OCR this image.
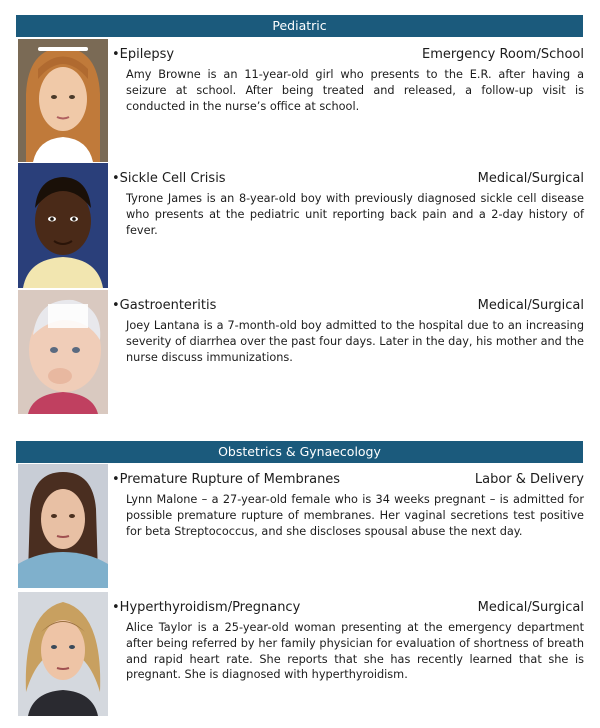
Pediatric
•Epilepsy	Emergency Room/School
Amy Browne is an 11-year-old girl who presents to the E.R. after having a seizure at school. After being treated and released, a follow-up visit is conducted in the nurse’s office at school.
•Sickle Cell Crisis	Medical/Surgical
Tyrone James is an 8-year-old boy with previously diagnosed sickle cell disease who presents at the pediatric unit reporting back pain and a 2-day history of fever.
•Gastroenteritis	Medical/Surgical
Joey Lantana is a 7-month-old boy admitted to the hospital due to an increasing severity of diarrhea over the past four days. Later in the day, his mother and the nurse discuss immunizations.
Obstetrics & Gynaecology
•Premature Rupture of Membranes	Labor & Delivery
Lynn Malone – a 27-year-old female who is 34 weeks pregnant – is admitted for possible premature rupture of membranes. Her vaginal secretions test positive for beta Streptococcus, and she discloses spousal abuse the next day.
•Hyperthyroidism/Pregnancy	Medical/Surgical
Alice Taylor is a 25-year-old woman presenting at the emergency department after being referred by her family physician for evaluation of shortness of breath and rapid heart rate. She reports that she has recently learned that she is pregnant. She is diagnosed with hyperthyroidism.
